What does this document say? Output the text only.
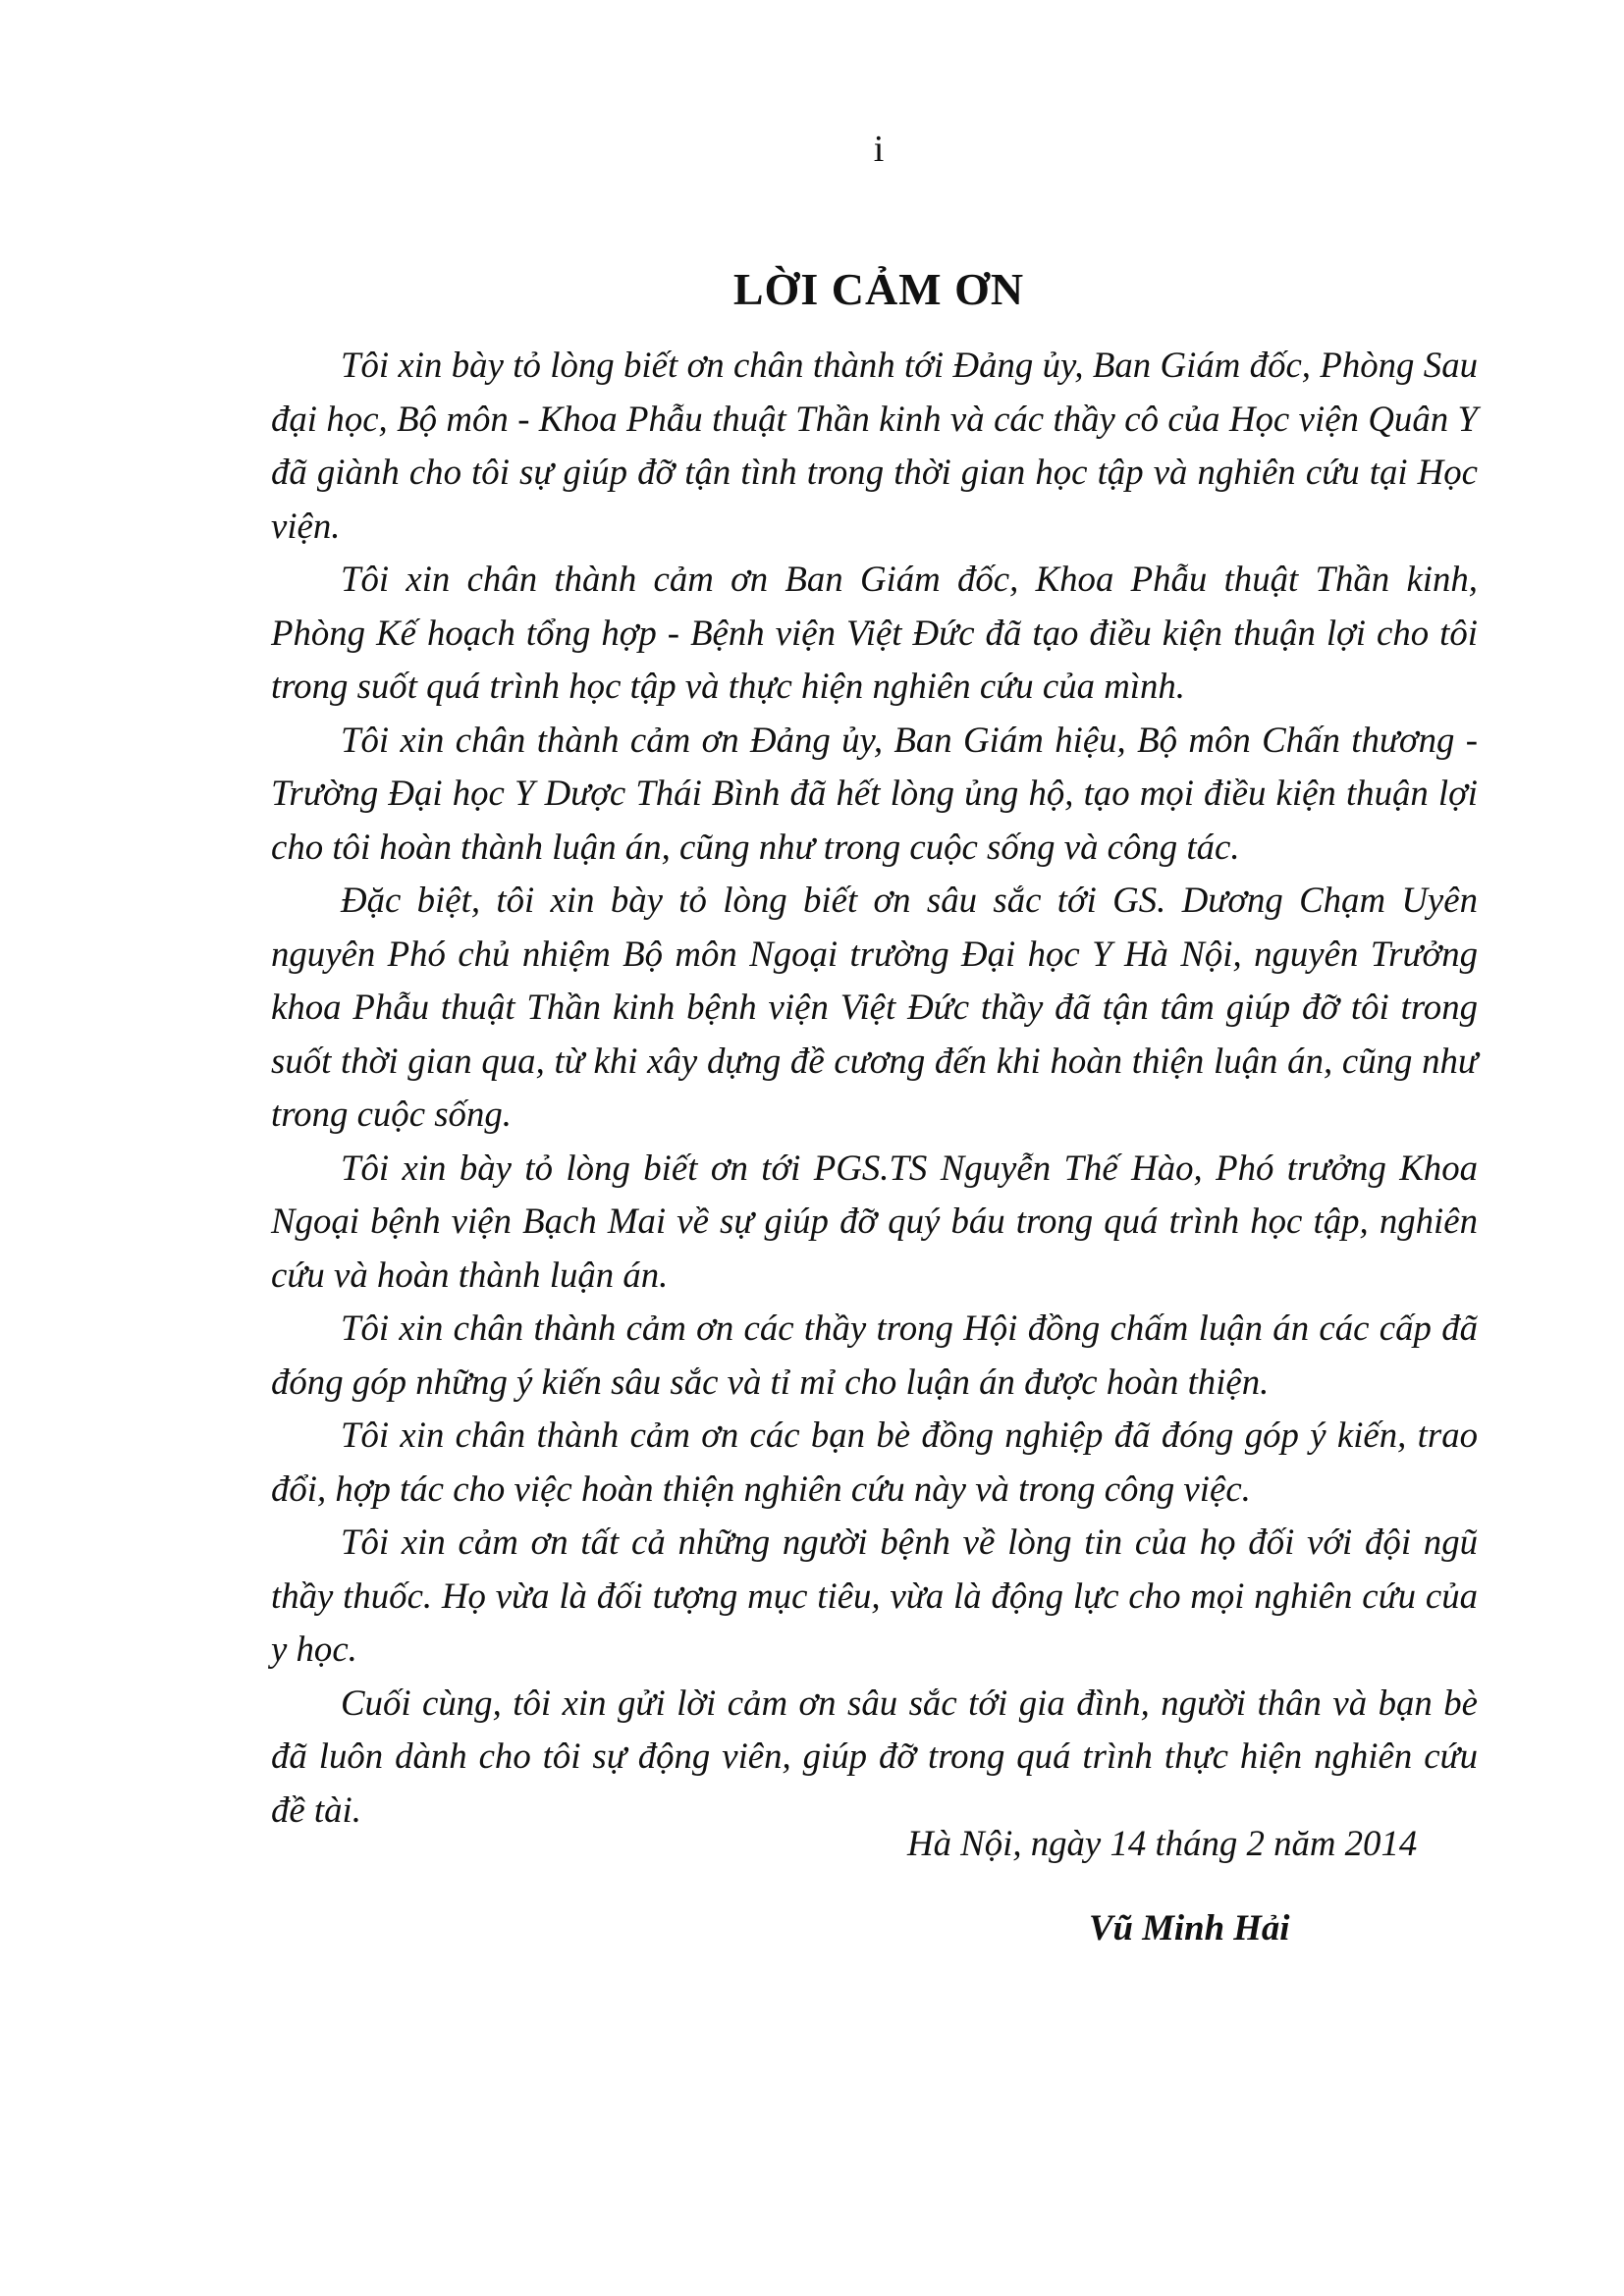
i
LỜI CẢM ƠN

Tôi xin bày tỏ lòng biết ơn chân thành tới Đảng ủy, Ban Giám đốc, Phòng Sau đại học, Bộ môn - Khoa Phẫu thuật Thần kinh và các thầy cô của Học viện Quân Y đã giành cho tôi sự giúp đỡ tận tình trong thời gian học tập và nghiên cứu tại Học viện.

Tôi xin chân thành cảm ơn Ban Giám đốc, Khoa Phẫu thuật Thần kinh, Phòng Kế hoạch tổng hợp - Bệnh viện Việt Đức đã tạo điều kiện thuận lợi cho tôi trong suốt quá trình học tập và thực hiện nghiên cứu của mình.

Tôi xin chân thành cảm ơn Đảng ủy, Ban Giám hiệu, Bộ môn Chấn thương - Trường Đại học Y Dược Thái Bình đã hết lòng ủng hộ, tạo mọi điều kiện thuận lợi cho tôi hoàn thành luận án, cũng như trong cuộc sống và công tác.

Đặc biệt, tôi xin bày tỏ lòng biết ơn sâu sắc tới GS. Dương Chạm Uyên nguyên Phó chủ nhiệm Bộ môn Ngoại trường Đại học Y Hà Nội, nguyên Trưởng khoa Phẫu thuật Thần kinh bệnh viện Việt Đức thầy đã tận tâm giúp đỡ tôi trong suốt thời gian qua, từ khi xây dựng đề cương đến khi hoàn thiện luận án, cũng như trong cuộc sống.

Tôi xin bày tỏ lòng biết ơn tới PGS.TS Nguyễn Thế Hào, Phó trưởng Khoa Ngoại bệnh viện Bạch Mai về sự giúp đỡ quý báu trong quá trình học tập, nghiên cứu và hoàn thành luận án.

Tôi xin chân thành cảm ơn các thầy trong Hội đồng chấm luận án các cấp đã đóng góp những ý kiến sâu sắc và tỉ mỉ cho luận án được hoàn thiện.

Tôi xin chân thành cảm ơn các bạn bè đồng nghiệp đã đóng góp ý kiến, trao đổi, hợp tác cho việc hoàn thiện nghiên cứu này và trong công việc.

Tôi xin cảm ơn tất cả những người bệnh về lòng tin của họ đối với đội ngũ thầy thuốc. Họ vừa là đối tượng mục tiêu, vừa là động lực cho mọi nghiên cứu của y học.

Cuối cùng, tôi xin gửi lời cảm ơn sâu sắc tới gia đình, người thân và bạn bè đã luôn dành cho tôi sự động viên, giúp đỡ trong quá trình thực hiện nghiên cứu đề tài.

Hà Nội, ngày 14 tháng 2 năm 2014
Vũ Minh Hải
